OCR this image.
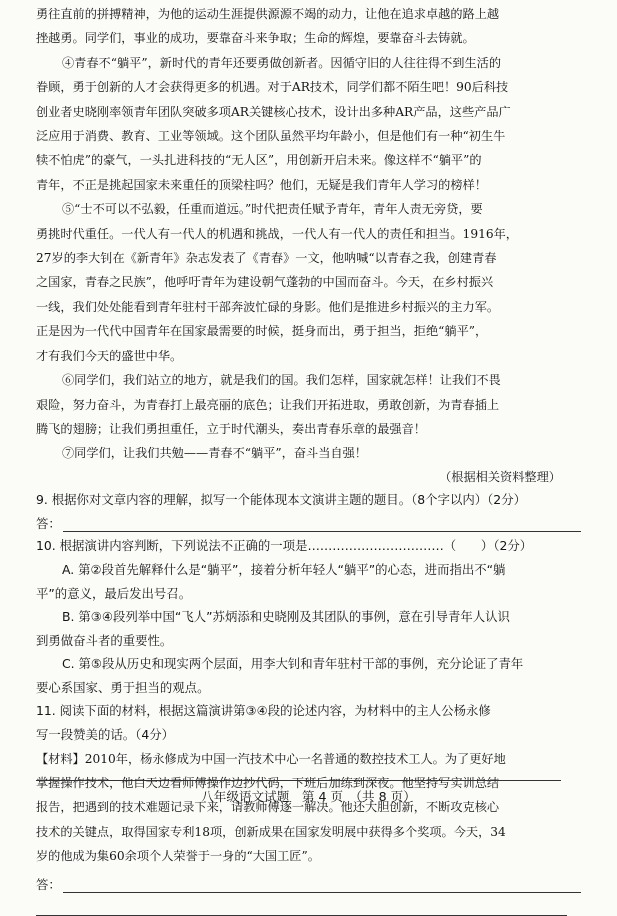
勇往直前的拼搏精神，为他的运动生涯提供源源不竭的动力，让他在追求卓越的路上越
挫越勇。同学们，事业的成功，要靠奋斗来争取；生命的辉煌，要靠奋斗去铸就。
④青春不“躺平”，新时代的青年还要勇做创新者。因循守旧的人往往得不到生活的
眷顾，勇于创新的人才会获得更多的机遇。对于AR技术，同学们都不陌生吧！90后科技
创业者史晓刚率领青年团队突破多项AR关键核心技术，设计出多种AR产品，这些产品广
泛应用于消费、教育、工业等领域。这个团队虽然平均年龄小，但是他们有一种“初生牛
犊不怕虎”的豪气，一头扎进科技的“无人区”，用创新开启未来。像这样不“躺平”的
青年，不正是挑起国家未来重任的顶梁柱吗？他们，无疑是我们青年人学习的榜样！
⑤“士不可以不弘毅，任重而道远。”时代把责任赋予青年，青年人责无旁贷，要
勇挑时代重任。一代人有一代人的机遇和挑战，一代人有一代人的责任和担当。1916年，
27岁的李大钊在《新青年》杂志发表了《青春》一文，他呐喊“以青春之我，创建青春
之国家，青春之民族”，他呼吁青年为建设朝气蓬勃的中国而奋斗。今天，在乡村振兴
一线，我们处处能看到青年驻村干部奔波忙碌的身影。他们是推进乡村振兴的主力军。
正是因为一代代中国青年在国家最需要的时候，挺身而出，勇于担当，拒绝“躺平”，
才有我们今天的盛世中华。
⑥同学们，我们站立的地方，就是我们的国。我们怎样，国家就怎样！让我们不畏
艰险，努力奋斗，为青春打上最亮丽的底色；让我们开拓进取，勇敢创新，为青春插上
腾飞的翅膀；让我们勇担重任，立于时代潮头，奏出青春乐章的最强音！
⑦同学们，让我们共勉——青春不“躺平”，奋斗当自强！
（根据相关资料整理）
9. 根据你对文章内容的理解，拟写一个能体现本文演讲主题的题目。（8个字以内）（2分）
答：
10. 根据演讲内容判断，下列说法不正确的一项是……………………………（　　）（2分）
A. 第②段首先解释什么是“躺平”，接着分析年轻人“躺平”的心态，进而指出不“躺
平”的意义，最后发出号召。
B. 第③④段列举中国“飞人”苏炳添和史晓刚及其团队的事例，意在引导青年人认识
到勇做奋斗者的重要性。
C. 第⑤段从历史和现实两个层面，用李大钊和青年驻村干部的事例，充分论证了青年
要心系国家、勇于担当的观点。
11. 阅读下面的材料，根据这篇演讲第③④段的论述内容，为材料中的主人公杨永修
写一段赞美的话。（4分）
【材料】2010年，杨永修成为中国一汽技术中心一名普通的数控技术工人。为了更好地
掌握操作技术，他白天边看师傅操作边抄代码，下班后加练到深夜。他坚持写实训总结
报告，把遇到的技术难题记录下来，请教师傅逐一解决。他还大胆创新，不断攻克核心
技术的关键点，取得国家专利18项，创新成果在国家发明展中获得多个奖项。今天，34
岁的他成为集60余项个人荣誉于一身的“大国工匠”。
答：
八年级语文试题　第 4 页　（共 8 页）
